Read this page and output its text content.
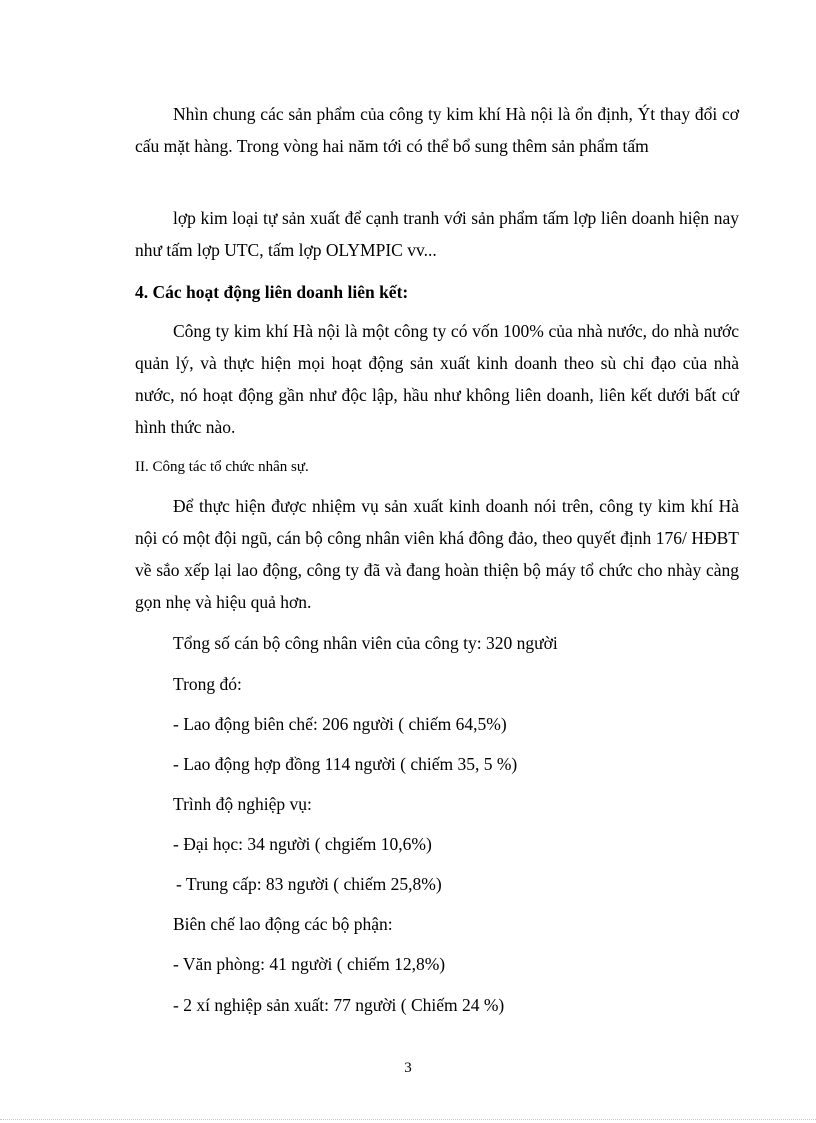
Nhìn chung các sản phẩm của công ty kim khí Hà nội là ổn định, Ýt thay đổi cơ cấu mặt hàng. Trong vòng hai năm tới có thể bổ sung thêm sản phẩm tấm

lợp kim loại tự sản xuất để cạnh tranh với sản phẩm tấm lợp liên doanh hiện nay như tấm lợp UTC, tấm lợp OLYMPIC vv...

4. Các hoạt động liên doanh liên kết:

Công ty kim khí Hà nội là một công ty có vốn 100% của nhà nước, do nhà nước quản lý, và thực hiện mọi hoạt động sản xuất kinh doanh theo sù chỉ đạo của nhà nước, nó hoạt động gần như độc lập, hầu như không liên doanh, liên kết dưới bất cứ hình thức nào.

II. Công tác tổ chức nhân sự.

Để thực hiện được nhiệm vụ sản xuất kinh doanh nói trên, công ty kim khí Hà nội có một đội ngũ, cán bộ công nhân viên khá đông đảo, theo quyết định 176/ HĐBT về sắo xếp lại lao động, công ty đã và đang hoàn thiện bộ máy tổ chức cho nhày càng gọn nhẹ và hiệu quả hơn.

Tổng số cán bộ công nhân viên của công ty: 320 người

Trong đó:

- Lao động biên chế: 206 người ( chiếm 64,5%)

- Lao động hợp đồng 114 người ( chiếm 35, 5 %)

Trình độ nghiệp vụ:

- Đại học: 34 người ( chgiếm 10,6%)

- Trung cấp: 83 người ( chiếm 25,8%)

Biên chế lao động các bộ phận:

- Văn phòng: 41 người ( chiếm 12,8%)

- 2 xí nghiệp sản xuất: 77 người ( Chiếm 24 %)

3
